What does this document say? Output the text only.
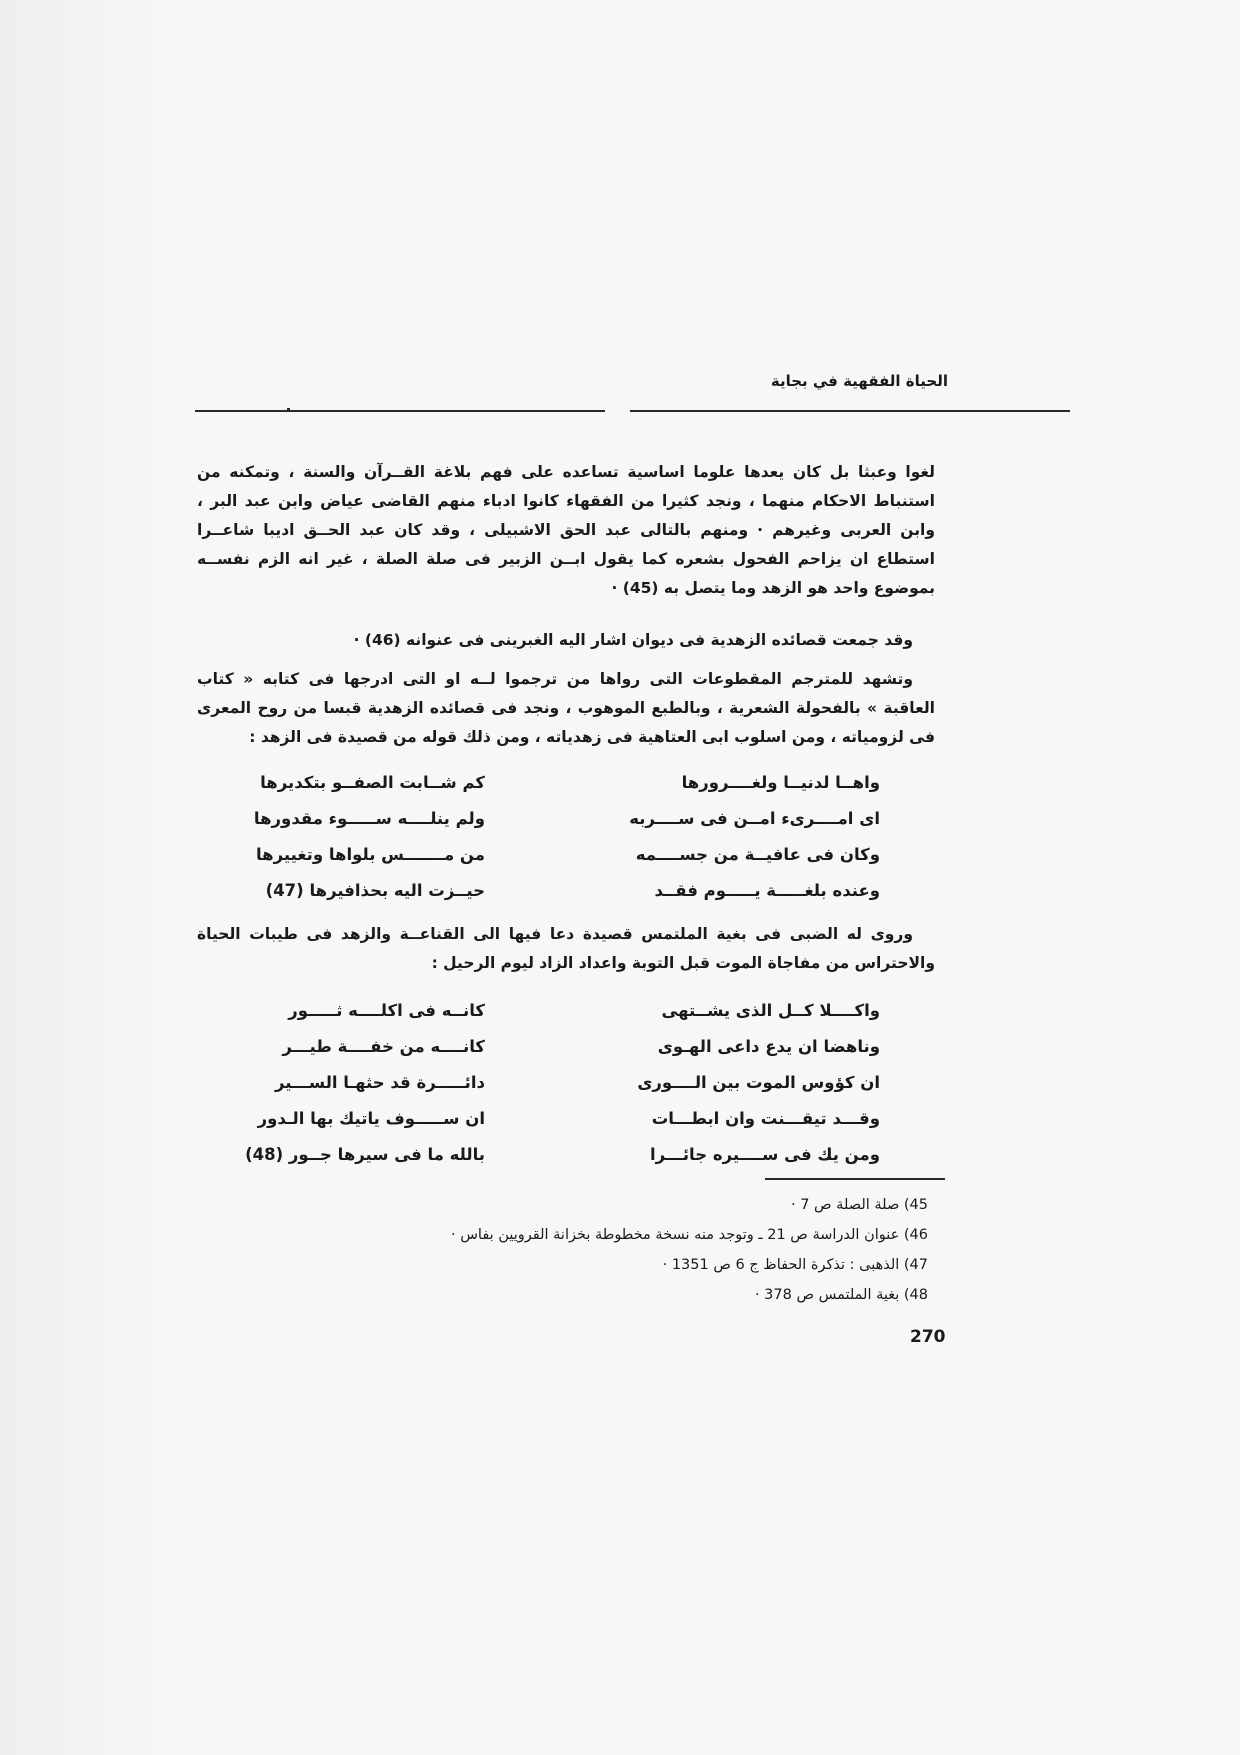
الحياة الفقهية في بجاية
لغوا وعبثا بل كان يعدها علوما اساسية تساعده على فهم بلاغة القــرآن والسنة ، وتمكنه من
استنباط الاحكام منهما ، ونجد كثيرا من الفقهاء كانوا ادباء منهم القاضى عياض وابن عبد البر ،
وابن العربى وغيرهم · ومنهم بالتالى عبد الحق الاشبيلى ، وقد كان عبد الحــق اديبا شاعــرا
استطاع ان يزاحم الفحول بشعره كما يقول ابــن الزبير فى صلة الصلة ، غير انه الزم نفســه
بموضوع واحد هو الزهد وما يتصل به (45) ·
وقد جمعت قصائده الزهدية فى ديوان اشار اليه الغبرينى فى عنوانه (46) ·
وتشهد للمترجم المقطوعات التى رواها من ترجموا لــه او التى ادرجها فى كتابه « كتاب
العاقبة » بالفحولة الشعرية ، وبالطبع الموهوب ، ونجد فى قصائده الزهدية قبسا من روح المعرى
فى لزومياته ، ومن اسلوب ابى العتاهية فى زهدياته ، ومن ذلك قوله من قصيدة فى الزهد :
واهــا لدنيــا ولغــــرورها
كم شــابت الصفــو بتكديرها
اى امــــرىء امــن فى ســــربه
ولم ينلــــه ســـــوء مقدورها
وكان فى عافيــة من جســــمه
من مـــــــس بلواها وتغييرها
وعنده بلغـــــة يـــــوم فقــد
حيــزت اليه بحذافيرها (47)
وروى له الضبى فى بغية الملتمس قصيدة دعا فيها الى القناعــة والزهد فى طيبات الحياة
والاحتراس من مفاجاة الموت قبل التوبة واعداد الزاد ليوم الرحيل :
واكــــلا كــل الذى يشــتهى
كانــه فى اكلــــه ثـــــور
وناهضا ان يدع داعى الهـوى
كانــــه من خفــــة طيـــر
ان كؤوس الموت بين الــــورى
دائـــــرة قد حثهـا الســـير
وقـــد تيقـــنت وان ابطـــات
ان ســـــوف ياتيك بها الـدور
ومن يك فى ســــيره جائـــرا
بالله ما فى سيرها جــور (48)
45) صلة الصلة ص 7 ·
46) عنوان الدراسة ص 21 ـ وتوجد منه نسخة مخطوطة بخزانة القرويين بفاس ·
47) الذهبى : تذكرة الحفاظ ج 6 ص 1351 ·
48) بغية الملتمس ص 378 ·
270
